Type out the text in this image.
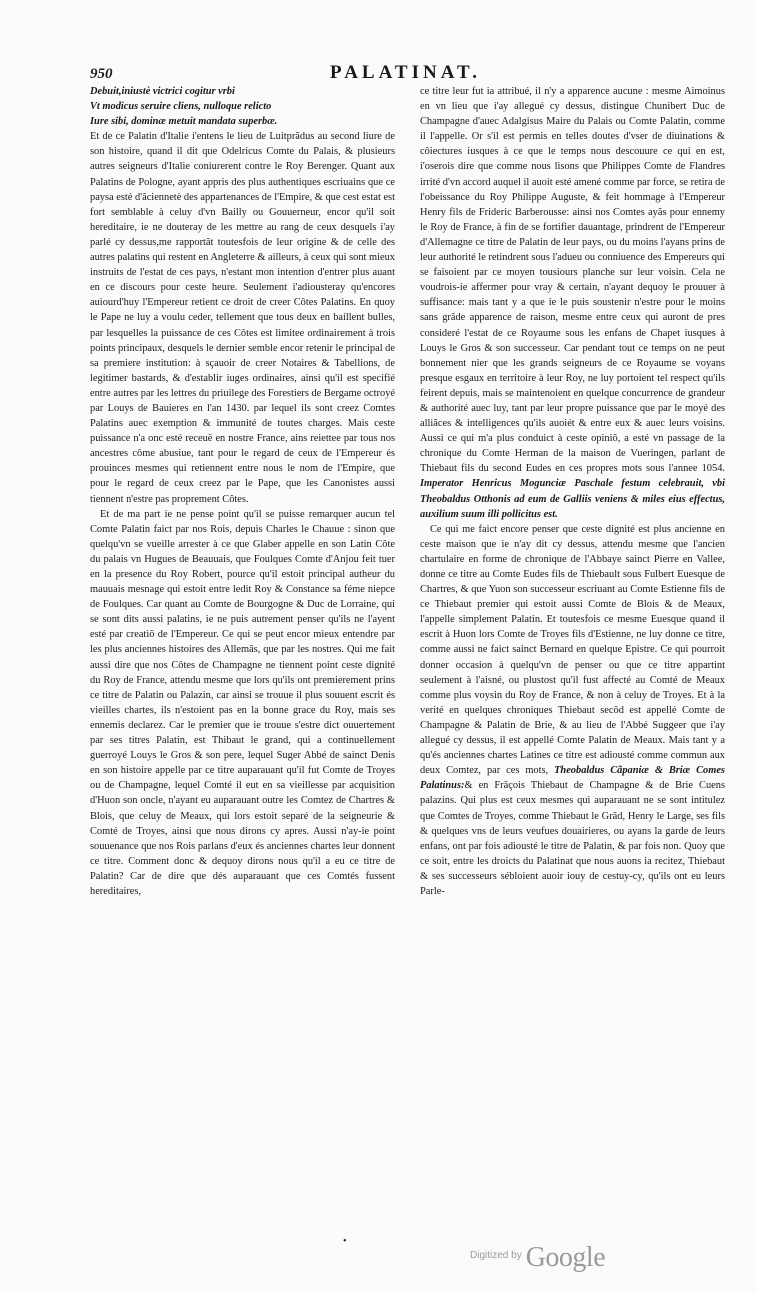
950	PALATINAT.
Debuit,iniustè victrici cogitur vrbi
Vt modicus seruire cliens, nulloque relicto
Iure sibi, dominæ metuit mandata superbæ.

Et de ce Palatin d'Italie i'entens le lieu de Luitprãdus au second liure de son histoire, quand il dit que Odelricus Comte du Palais, & plusieurs autres seigneurs d'Italie coniurerent contre le Roy Berenger. Quant aux Palatins de Pologne, ayant appris des plus authentiques escriuains que ce paysa esté d'ãciennetè des appartenances de l'Empire, & que cest estat est fort semblable à celuy d'vn Bailly ou Gouuerneur, encor qu'il soit hereditaire, ie ne douteray de les mettre au rang de ceux desquels i'ay parlé cy dessus,me rapportãt toutesfois de leur origine & de celle des autres palatins qui restent en Angleterre & ailleurs, à ceux qui sont mieux instruits de l'estat de ces pays, n'estant mon intention d'entrer plus auant en ce discours pour ceste heure. Seulement i'adiousteray qu'encores auiourd'huy l'Empereur retient ce droit de creer Côtes Palatins. En quoy le Pape ne luy a voulu ceder, tellement que tous deux en baillent bulles, par lesquelles la puissance de ces Côtes est limitee ordinairement à trois points principaux, desquels le dernier semble encor retenir le principal de sa premiere institution: à sçauoir de creer Notaires & Tabellions, de legitimer bastards, & d'establir iuges ordinaires, ainsi qu'il est specifié entre autres par les lettres du priuilege des Forestiers de Bergame octroyé par Louys de Bauieres en l'an 1430. par lequel ils sont creez Comtes Palatins auec exemption & immunité de toutes charges. Mais ceste puissance n'a onc esté receuë en nostre France, ains reiettee par tous nos ancestres côme abusiue, tant pour le regard de ceux de l'Empereur és prouinces mesmes qui retiennent entre nous le nom de l'Empire, que pour le regard de ceux creez par le Pape, que les Canonistes aussi tiennent n'estre pas proprement Côtes.

Et de ma part ie ne pense point qu'il se puisse remarquer aucun tel Comte Palatin faict par nos Rois, depuis Charles le Chauue : sinon que quelqu'vn se vueille arrester à ce que Glaber appelle en son Latin Côte du palais vn Hugues de Beauuais, que Foulques Comte d'Anjou feit tuer en la presence du Roy Robert, pource qu'il estoit principal autheur du mauuais mesnage qui estoit entre ledit Roy & Constance sa féme niepce de Foulques. Car quant au Comte de Bourgogne & Duc de Lorraine, qui se sont dits aussi palatins, ie ne puis autrement penser qu'ils ne l'ayent esté par creatiõ de l'Empereur. Ce qui se peut encor mieux entendre par les plus anciennes histoires des Allemãs, que par les nostres. Qui me fait aussi dire que nos Côtes de Champagne ne tiennent point ceste dignité du Roy de France, attendu mesme que lors qu'ils ont premierement prins ce titre de Palatin ou Palazin, car ainsi se trouue il plus souuent escrit és vieilles chartes, ils n'estoient pas en la bonne grace du Roy, mais ses ennemis declarez. Car le premier que ie trouue s'estre dict ouuertement par ses titres Palatin, est Thibaut le grand, qui a continuellement guerroyé Louys le Gros & son pere, lequel Suger Abbé de sainct Denis en son histoire appelle par ce titre auparauant qu'il fut Comte de Troyes ou de Champagne, lequel Comté il eut en sa vieillesse par acquisition d'Huon son oncle, n'ayant eu auparauant outre les Comtez de Chartres & Blois, que celuy de Meaux, qui lors estoit separé de la seigneurie & Comté de Troyes, ainsi que nous dirons cy apres. Aussi n'ay-ie point souuenance que nos Rois parlans d'eux és anciennes chartes leur donnent ce titre. Comment donc & dequoy dirons nous qu'il a eu ce titre de Palatin? Car de dire que dés auparauant que ces Comtés fussent hereditaires,

ce titre leur fut ia attribué, il n'y a apparence aucune : mesme Aimoinus en vn lieu que i'ay allegué cy dessus, distingue Chunibert Duc de Champagne d'auec Adalgisus Maire du Palais ou Comte Palatin, comme il l'appelle. Or s'il est permis en telles doutes d'vser de diuinations & côiectures iusques à ce que le temps nous descouure ce qui en est, i'oserois dire que comme nous lisons que Philippes Comte de Flandres irrité d'vn accord auquel il auoit esté amené comme par force, se retira de l'obeissance du Roy Philippe Auguste, & feit hommage à l'Empereur Henry fils de Frideric Barberousse: ainsi nos Comtes ayãs pour ennemy le Roy de France, à fin de se fortifier dauantage, prindrent de l'Empereur d'Allemagne ce titre de Palatin de leur pays, ou du moins l'ayans prins de leur authorité le retindrent sous l'adueu ou conniuence des Empereurs qui se faisoient par ce moyen tousiours planche sur leur voisin. Cela ne voudrois-ie affermer pour vray & certain, n'ayant dequoy le prouuer à suffisance: mais tant y a que ie le puis soustenir n'estre pour le moins sans grãde apparence de raison, mesme entre ceux qui auront de pres consideré l'estat de ce Royaume sous les enfans de Chapet iusques à Louys le Gros & son successeur. Car pendant tout ce temps on ne peut bonnement nier que les grands seigneurs de ce Royaume se voyans presque esgaux en territoire à leur Roy, ne luy portoient tel respect qu'ils feirent depuis, mais se maintenoient en quelque concurrence de grandeur & authorité auec luy, tant par leur propre puissance que par le moyé des alliãces & intelligences qu'ils auoiét & entre eux & auec leurs voisins. Aussi ce qui m'a plus conduict à ceste opiniõ, a esté vn passage de la chronique du Comte Herman de la maison de Vueringen, parlant de Thiebaut fils du second Eudes en ces propres mots sous l'annee 1054. Imperator Henricus Mogunciæ Paschale festum celebrauit, vbi Theobaldus Otthonis ad eum de Galliis veniens & miles eius effectus, auxilium suum illi pollicitus est.

Ce qui me faict encore penser que ceste dignité est plus ancienne en ceste maison que ie n'ay dit cy dessus, attendu mesme que l'ancien chartulaire en forme de chronique de l'Abbaye sainct Pierre en Vallee, donne ce titre au Comte Eudes fils de Thiebault sous Fulbert Euesque de Chartres, & que Yuon son successeur escriuant au Comte Estienne fils de ce Thiebaut premier qui estoit aussi Comte de Blois & de Meaux, l'appelle simplement Palatin. Et toutesfois ce mesme Euesque quand il escrit à Huon lors Comte de Troyes fils d'Estienne, ne luy donne ce titre, comme aussi ne faict sainct Bernard en quelque Epistre. Ce qui pourroit donner occasion à quelqu'vn de penser ou que ce titre appartint seulement à l'aisné, ou plustost qu'il fust affecté au Comté de Meaux comme plus voysin du Roy de France, & non à celuy de Troyes. Et à la verité en quelques chroniques Thiebaut secõd est appellé Comte de Champagne & Palatin de Brie, & au lieu de l'Abbé Suggeer que i'ay allegué cy dessus, il est appellé Comte Palatin de Meaux. Mais tant y a qu'és anciennes chartes Latines ce titre est adiousté comme commun aux deux Comtez, par ces mots, Theobaldus Cãpaniæ & Briæ Comes Palatinus:& en Frãçois Thiebaut de Champagne & de Brie Cuens palazins. Qui plus est ceux mesmes qui auparauant ne se sont intitulez que Comtes de Troyes, comme Thiebaut le Grãd, Henry le Large, ses fils & quelques vns de leurs veufues douairieres, ou ayans la garde de leurs enfans, ont par fois adiousté le titre de Palatin, & par fois non. Quoy que ce soit, entre les droicts du Palatinat que nous auons ia recitez, Thiebaut & ses successeurs sébloient auoir iouy de cestuy-cy, qu'ils ont eu leurs Parle-

•
$^{Digitized by}$ Google
